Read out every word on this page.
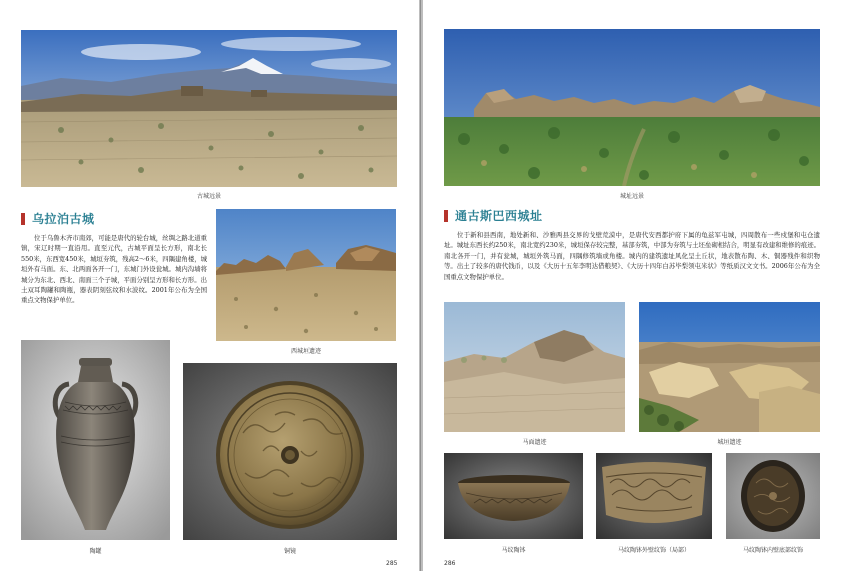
古城远景
乌拉泊古城

位于乌鲁木齐市南郊，可能是唐代的轮台城，丝绸之路北道重镇，宋辽时期一直沿用。直至元代，古城平面呈长方形，南北长550米，东西宽450米，城垣夯筑，残高2～6米，四隅建角楼，城垣外有马面。东、北两面各开一门，东城门外设瓮城。城内沟墙将城分为东北、西北、南面三个子城，平面分别呈方形和长方形。出土双耳陶罐和陶瓶，器表阴刻弦纹和水波纹。2001年公布为全国重点文物保护单位。

西城垣遗迹
陶罐	铜镜
285
城址远景
通古斯巴西城址

位于新和县西南，地处新和、沙雅两县交界的戈壁荒漠中，是唐代安西都护府下属的龟兹军屯城，四周散布一些戍堡和屯仓遗址。城址东西长约250米，南北宽约230米，城垣保存较完整，基部夯筑，中部为夯筑与土坯垒砌相结合，明显有改建和维修的痕迹。南北各开一门，并有瓮城，城垣外筑马面，四隅修筑墙或角楼。城内的建筑遗址风化呈土丘状，地表散布陶、木、铜器残件和织物等。出土了较多的唐代钱币，以及《大历十五年李明达借粮契》、《大历十四年白苏毕梨领屯米状》等纸质汉文文书。2006年公布为全国重点文物保护单位。

马面遗迹	城垣遗迹
马纹陶钵	马纹陶钵外壁纹饰（局部）	马纹陶钵内壁底部纹饰
286
